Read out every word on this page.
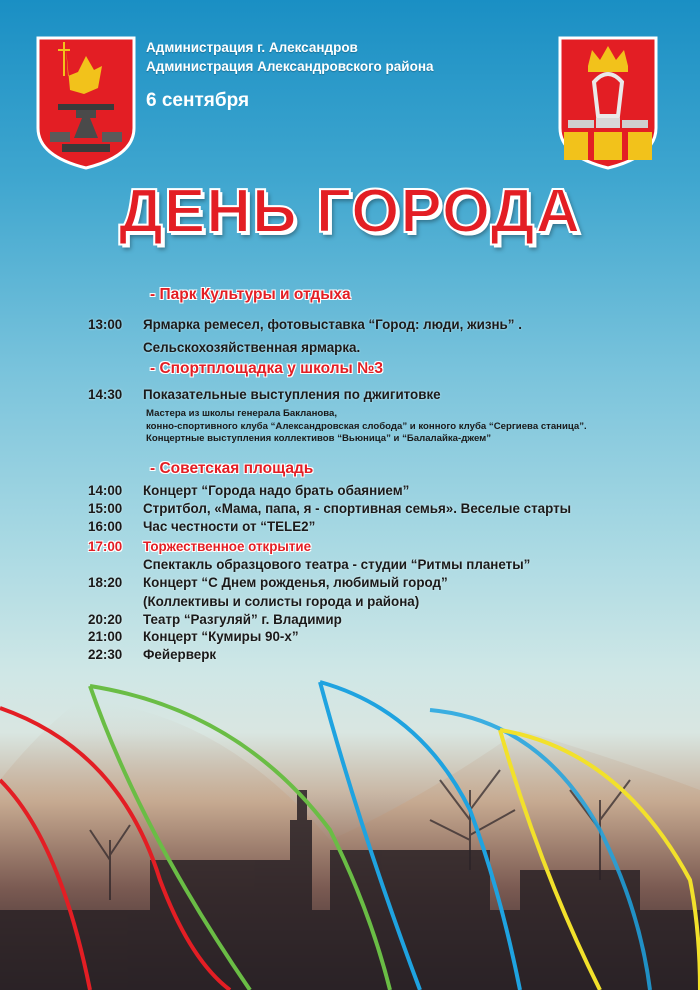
Администрация г. Александров
Администрация Александровского района
6 сентября
ДЕНЬ ГОРОДА
- Парк Культуры и отдыха
13:00 Ярмарка ремесел, фотовыставка “Город: люди, жизнь” .
Сельскохозяйственная ярмарка.
- Спортплощадка у школы №3
14:30 Показательные выступления по джигитовке
Мастера из школы генерала Бакланова,
конно-спортивного клуба “Александровская слобода” и конного клуба “Сергиева станица”.
Концертные выступления коллективов “Вьюница” и “Балалайка-джем”
- Советская площадь
14:00 Концерт “Города надо брать обаянием”
15:00 Стритбол, «Мама, папа, я - спортивная семья». Веселые старты
16:00 Час честности от “TELE2”
17:00 Торжественное открытие
Спектакль образцового театра - студии “Ритмы планеты”
18:20 Концерт “С Днем рожденья, любимый город”
(Коллективы и солисты города и района)
20:20 Театр “Разгуляй” г. Владимир
21:00 Концерт “Кумиры 90-х”
22:30 Фейерверк
